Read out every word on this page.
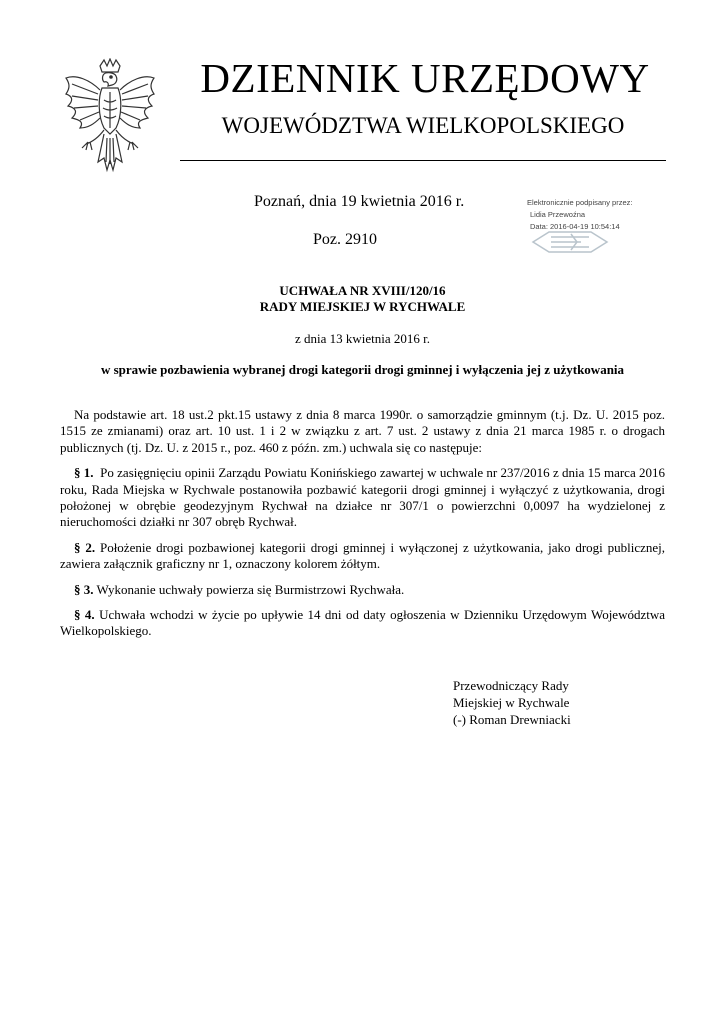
DZIENNIK URZĘDOWY
WOJEWÓDZTWA WIELKOPOLSKIEGO
Poznań, dnia 19 kwietnia 2016 r.
Poz. 2910
Elektronicznie podpisany przez:
Lidia Przewoźna
Data: 2016-04-19 10:54:14
UCHWAŁA NR XVIII/120/16
RADY MIEJSKIEJ W RYCHWALE
z dnia 13 kwietnia 2016 r.
w sprawie pozbawienia wybranej drogi kategorii drogi gminnej i wyłączenia jej z użytkowania

Na podstawie art. 18 ust.2 pkt.15 ustawy z dnia 8 marca 1990r. o samorządzie gminnym (t.j. Dz. U. 2015 poz. 1515 ze zmianami) oraz art. 10 ust. 1 i 2 w związku z art. 7 ust. 2 ustawy z dnia 21 marca 1985 r. o drogach publicznych (tj. Dz. U. z 2015 r., poz. 460 z późn. zm.) uchwala się co następuje:

§ 1. Po zasięgnięciu opinii Zarządu Powiatu Konińskiego zawartej w uchwale nr 237/2016 z dnia 15 marca 2016 roku, Rada Miejska w Rychwale postanowiła pozbawić kategorii drogi gminnej i wyłączyć z użytkowania, drogi położonej w obrębie geodezyjnym Rychwał na działce nr 307/1 o powierzchni 0,0097 ha wydzielonej z nieruchomości działki nr 307 obręb Rychwał.

§ 2. Położenie drogi pozbawionej kategorii drogi gminnej i wyłączonej z użytkowania, jako drogi publicznej, zawiera załącznik graficzny nr 1, oznaczony kolorem żółtym.

§ 3. Wykonanie uchwały powierza się Burmistrzowi Rychwała.

§ 4. Uchwała wchodzi w życie po upływie 14 dni od daty ogłoszenia w Dzienniku Urzędowym Województwa Wielkopolskiego.

Przewodniczący Rady
Miejskiej w Rychwale
(-) Roman Drewniacki
